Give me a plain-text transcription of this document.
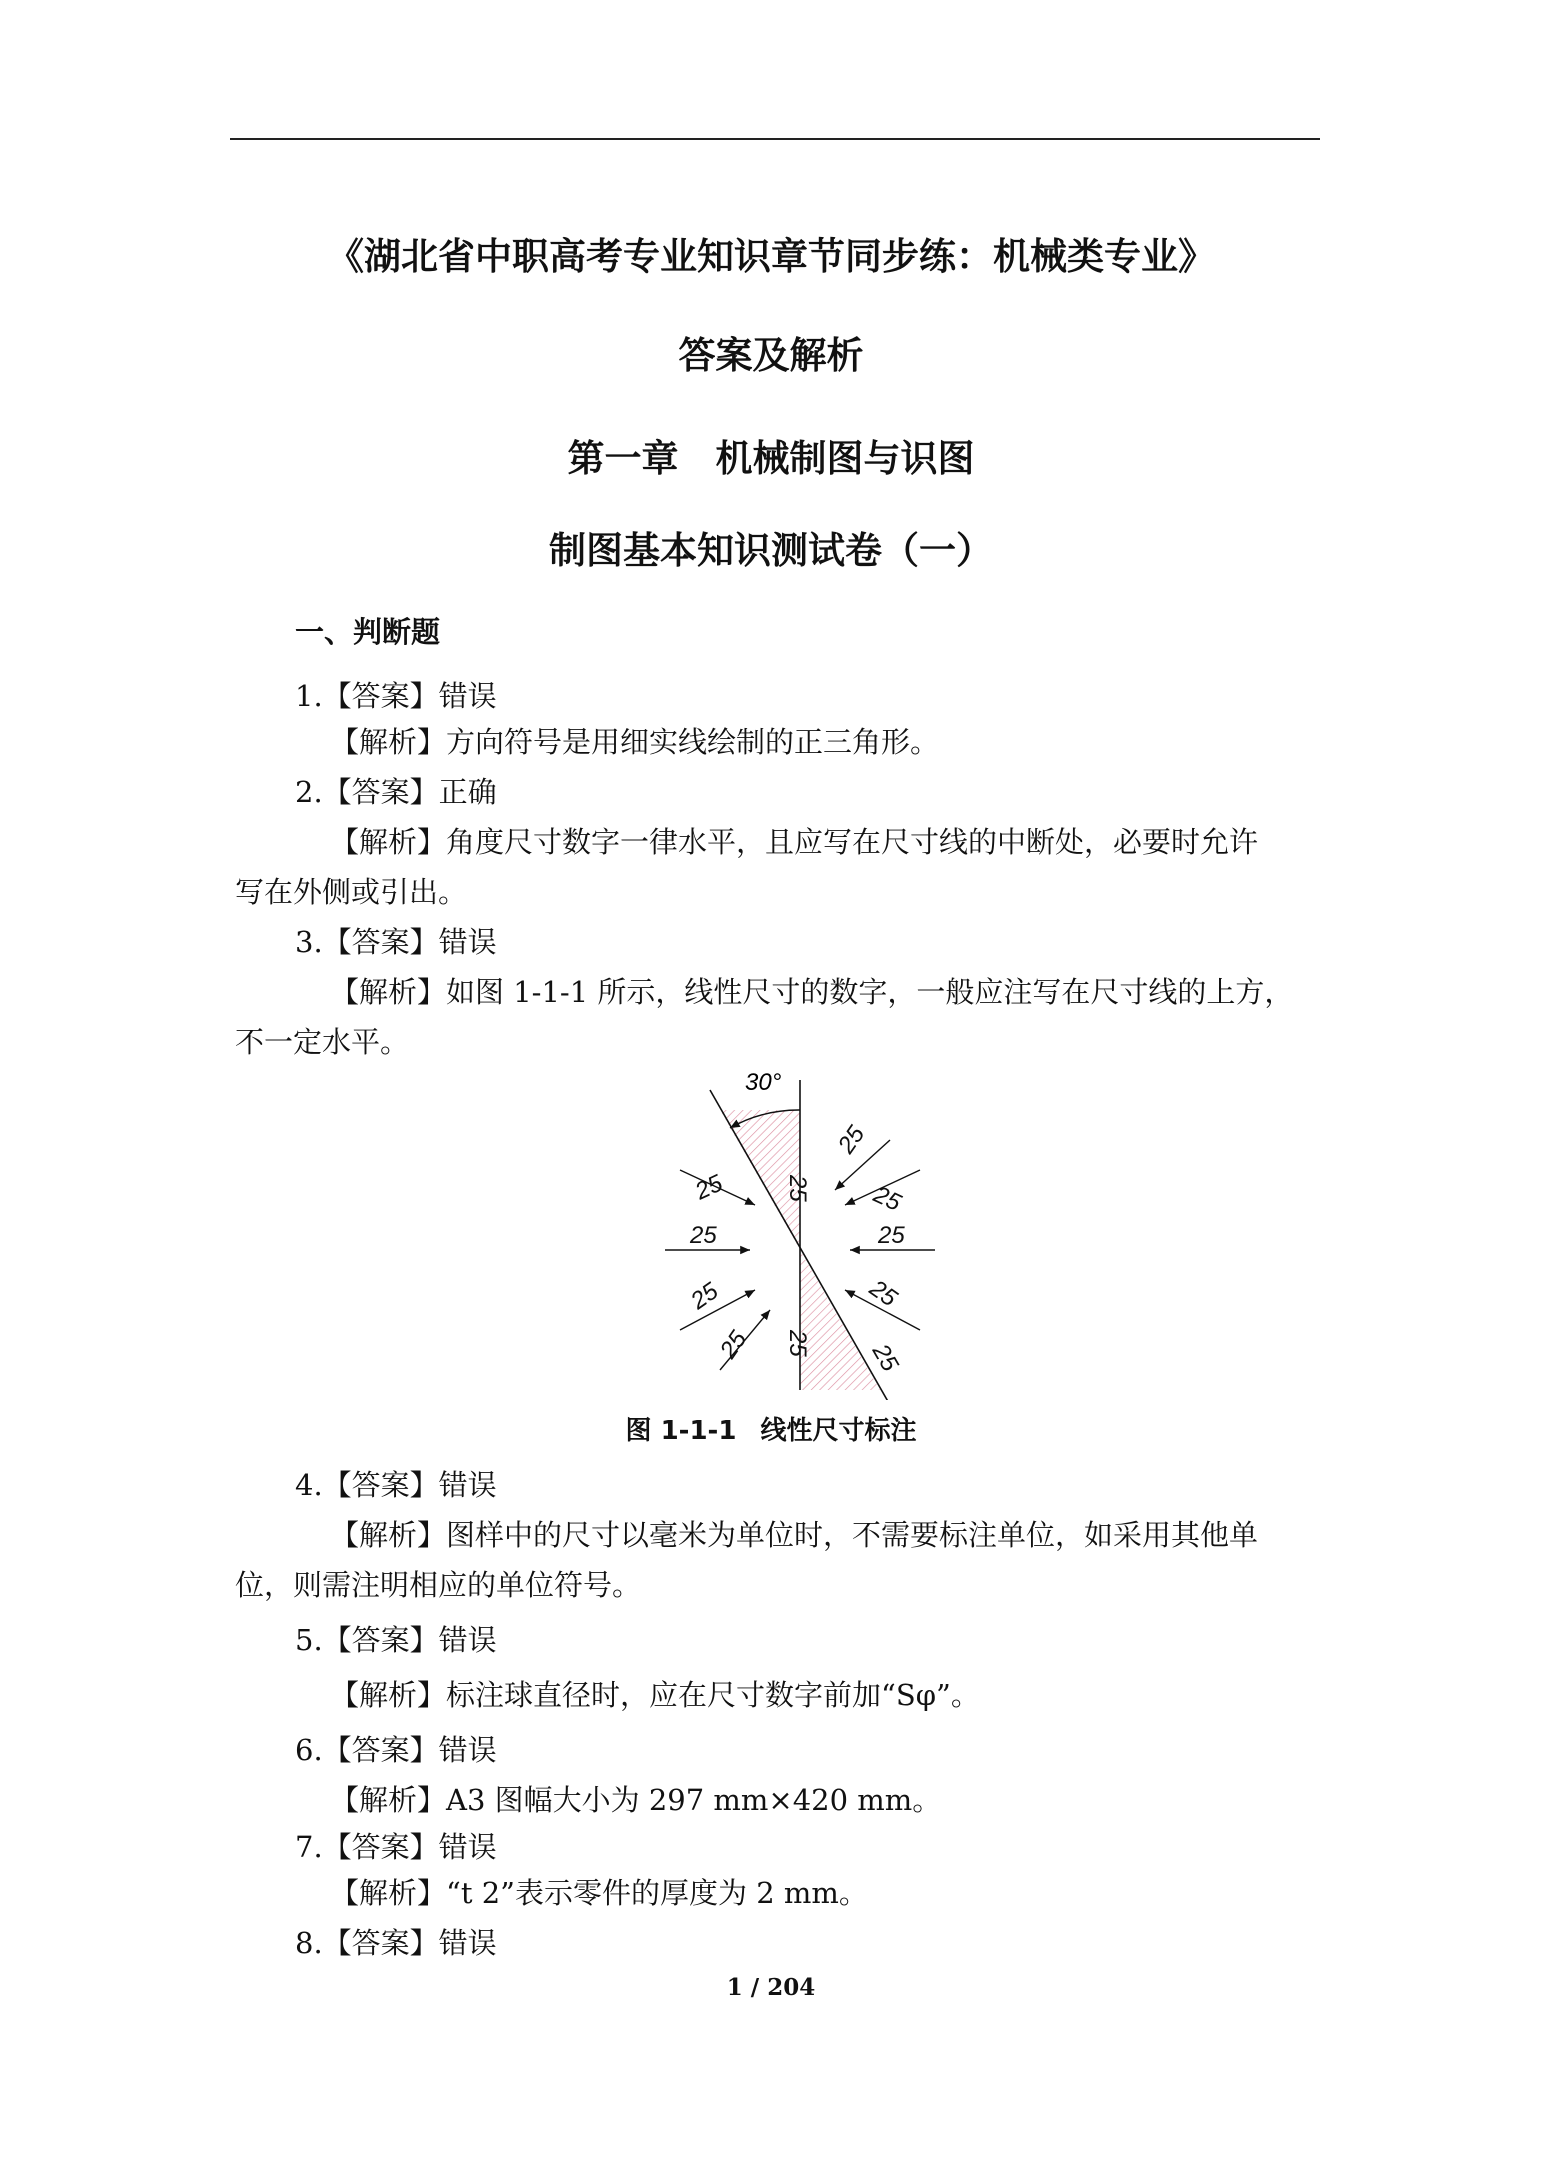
《湖北省中职高考专业知识章节同步练：机械类专业》
答案及解析
第一章　机械制图与识图
制图基本知识测试卷（一）
一、判断题
1.【答案】错误
【解析】方向符号是用细实线绘制的正三角形。
2.【答案】正确
【解析】角度尺寸数字一律水平，且应写在尺寸线的中断处，必要时允许
写在外侧或引出。
3.【答案】错误
【解析】如图 1-1-1 所示，线性尺寸的数字，一般应注写在尺寸线的上方，
不一定水平。
30°
25
25
25
25
25
25
25
25
25
25 25
图 1-1-1 线性尺寸标注
4.【答案】错误
【解析】图样中的尺寸以毫米为单位时，不需要标注单位，如采用其他单
位，则需注明相应的单位符号。
5.【答案】错误
【解析】标注球直径时，应在尺寸数字前加“Sφ”。
6.【答案】错误
【解析】A3 图幅大小为 297 mm×420 mm。
7.【答案】错误
【解析】“t 2”表示零件的厚度为 2 mm。
8.【答案】错误
1 / 204
